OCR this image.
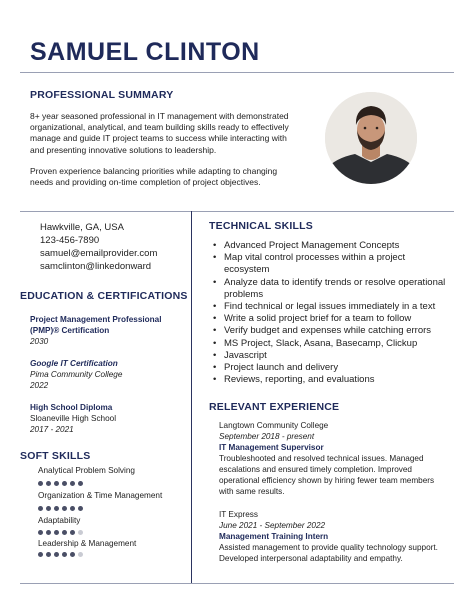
SAMUEL CLINTON
PROFESSIONAL SUMMARY
8+ year seasoned professional in IT management with demonstrated organizational, analytical, and team building skills ready to effectively manage and guide IT project teams to success while interacting with and presenting innovative solutions to leadership.
Proven experience balancing priorities while adapting to changing needs and providing on-time completion of project objectives.
Hawkville, GA, USA
123-456-7890
samuel@emailprovider.com
samclinton@linkedonward
EDUCATION & CERTIFICATIONS
Project Management Professional (PMP)® Certification
2030
Google IT Certification
Pima Community College
2022
High School Diploma
Sloaneville High School
2017 - 2021
SOFT SKILLS
Analytical Problem Solving
Organization & Time Management
Adaptability
Leadership & Management
TECHNICAL SKILLS
• Advanced Project Management Concepts
• Map vital control processes within a project ecosystem
• Analyze data to identify trends or resolve operational problems
• Find technical or legal issues immediately in a text
• Write a solid project brief for a team to follow
• Verify budget and expenses while catching errors
• MS Project, Slack, Asana, Basecamp, Clickup
• Javascript
• Project launch and delivery
• Reviews, reporting, and evaluations
RELEVANT EXPERIENCE
Langtown Community College
September 2018 - present
IT Management Supervisor
Troubleshooted and resolved technical issues. Managed escalations and ensured timely completion. Improved operational efficiency shown by hiring fewer team members with same results.
IT Express
June 2021 - September 2022
Management Training Intern
Assisted management to provide quality technology support. Developed interpersonal adaptability and empathy.
